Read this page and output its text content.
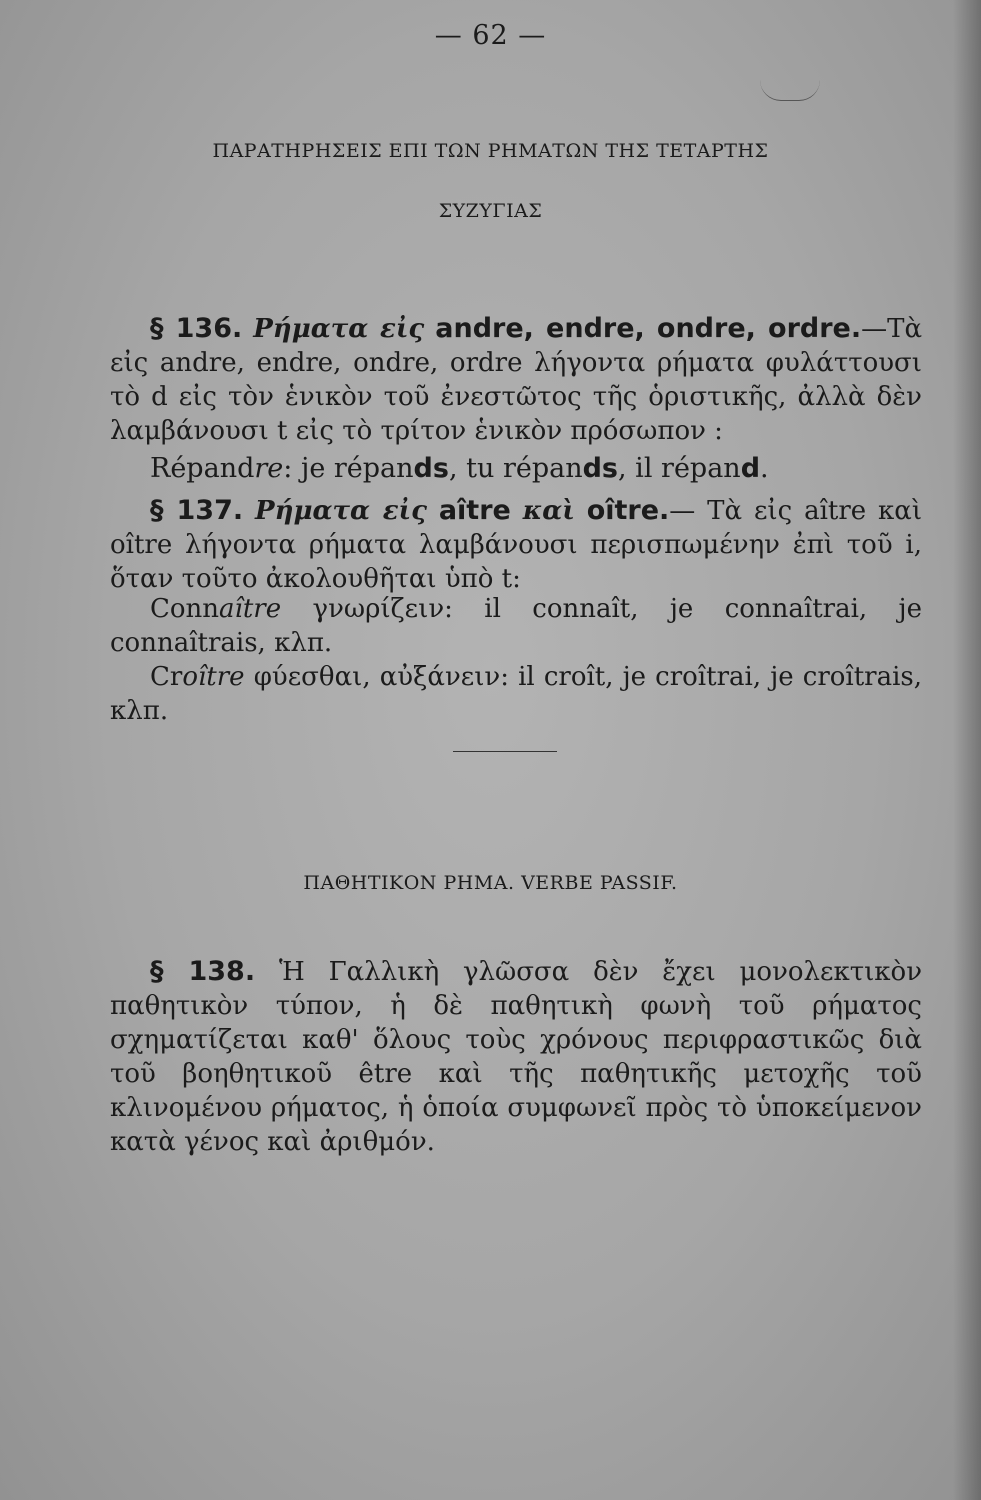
— 62 —
ΠΑΡΑΤΗΡΗΣΕΙΣ ΕΠΙ ΤΩΝ ΡΗΜΑΤΩΝ ΤΗΣ ΤΕΤΑΡΤΗΣ
ΣΥΖΥΓΙΑΣ
§ 136. Ρήματα εἰς andre, endre, ondre, ordre.—Τὰ εἰς andre, endre, ondre, ordre λήγοντα ρήματα φυλάττουσι τὸ d εἰς τὸν ἑνικὸν τοῦ ἐνεστῶτος τῆς ὁριστικῆς, ἀλλὰ δὲν λαμβάνουσι t εἰς τὸ τρίτον ἑνικὸν πρόσωπον :
Répandre: je répands, tu répands, il répand.
§ 137. Ρήματα εἰς aître καὶ oître.— Τὰ εἰς aître καὶ oître λήγοντα ρήματα λαμβάνουσι περισπωμένην ἐπὶ τοῦ i, ὅταν τοῦτο ἀκολουθῆται ὑπὸ t:
Connaître γνωρίζειν: il connaît, je connaîtrai, je connaîtrais, κλπ.
Croître φύεσθαι, αὐξάνειν: il croît, je croîtrai, je croîtrais, κλπ.
ΠΑΘΗΤΙΚΟΝ ΡΗΜΑ. VERBE PASSIF.
§ 138. Ἡ Γαλλικὴ γλῶσσα δὲν ἔχει μονολεκτικὸν παθητικὸν τύπον, ἡ δὲ παθητικὴ φωνὴ τοῦ ρήματος σχηματίζεται καθ' ὅλους τοὺς χρόνους περιφραστικῶς διὰ τοῦ βοηθητικοῦ être καὶ τῆς παθητικῆς μετοχῆς τοῦ κλινομένου ρήματος, ἡ ὁποία συμφωνεῖ πρὸς τὸ ὑποκείμενον κατὰ γένος καὶ ἀριθμόν.
